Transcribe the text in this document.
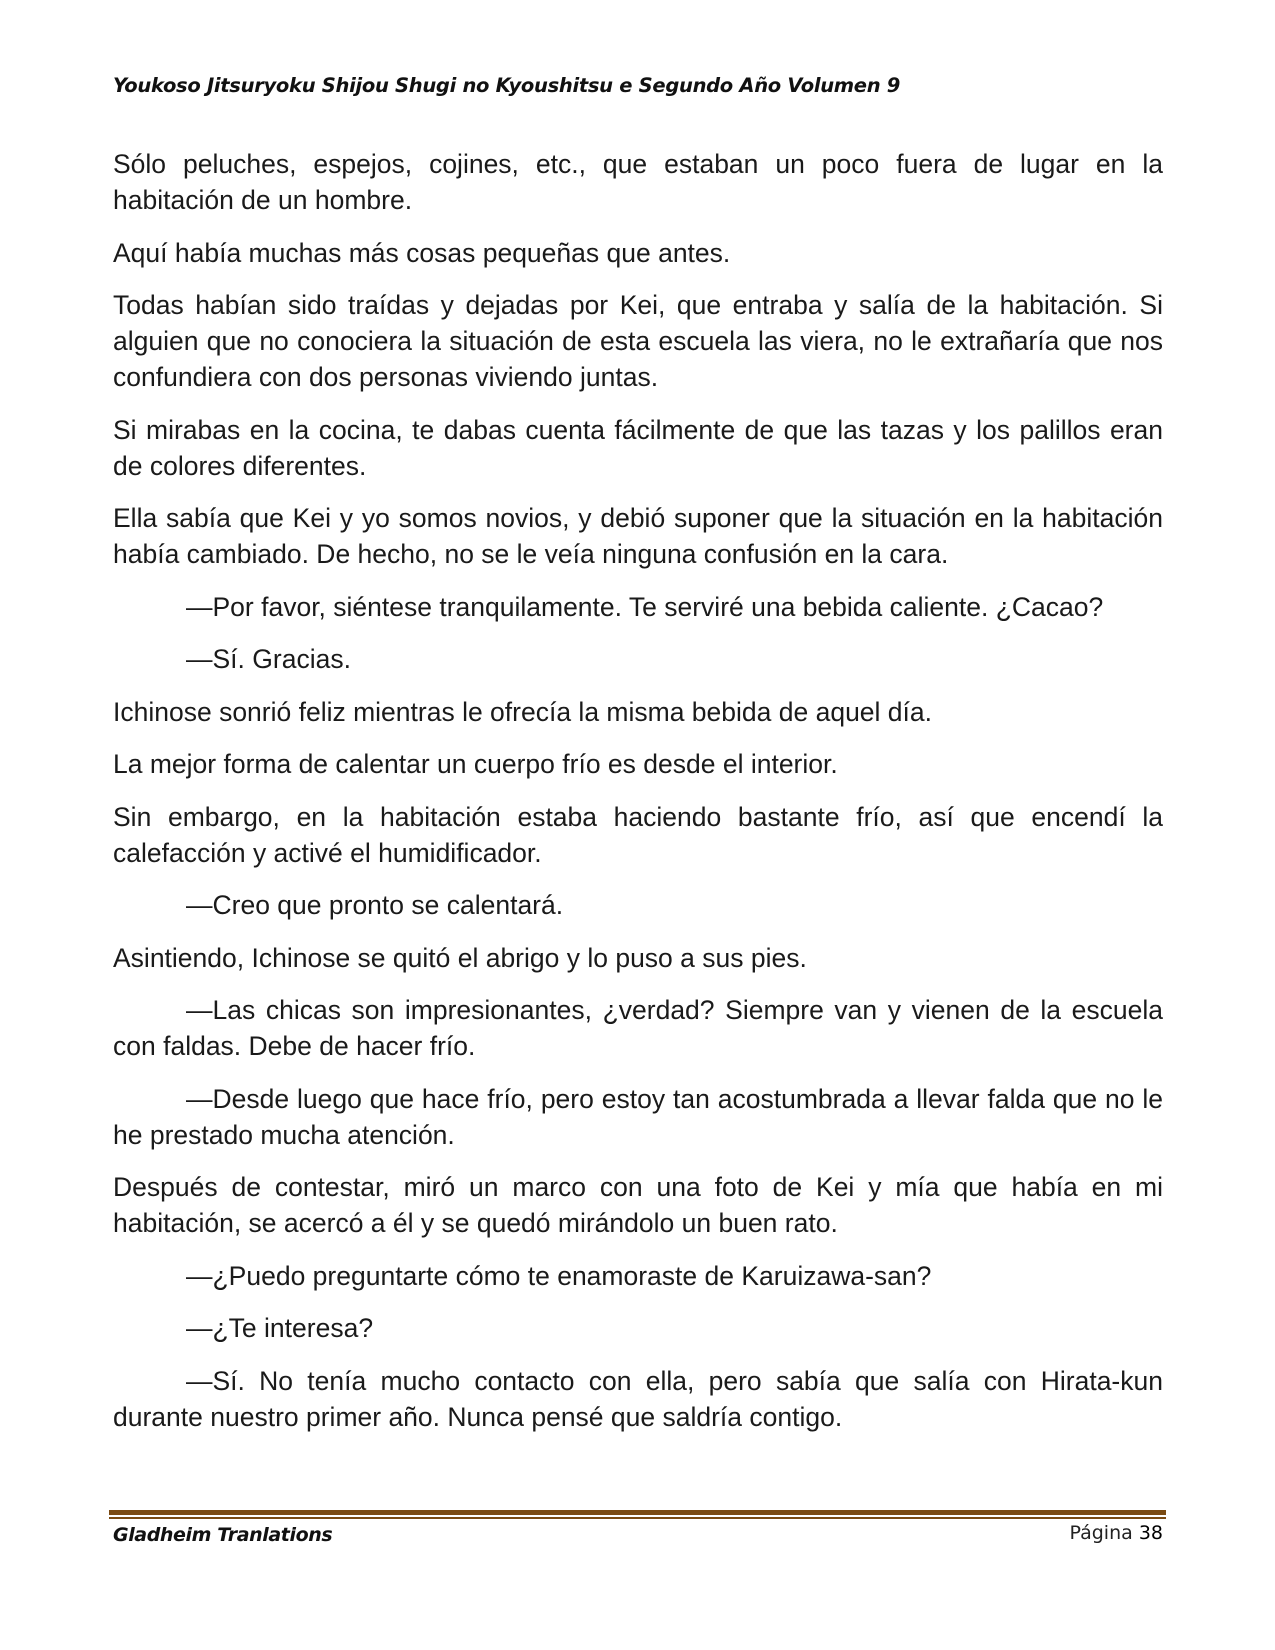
Youkoso Jitsuryoku Shijou Shugi no Kyoushitsu e Segundo Año Volumen 9

Sólo peluches, espejos, cojines, etc., que estaban un poco fuera de lugar en la habitación de un hombre.

Aquí había muchas más cosas pequeñas que antes.

Todas habían sido traídas y dejadas por Kei, que entraba y salía de la habitación. Si alguien que no conociera la situación de esta escuela las viera, no le extrañaría que nos confundiera con dos personas viviendo juntas.

Si mirabas en la cocina, te dabas cuenta fácilmente de que las tazas y los palillos eran de colores diferentes.

Ella sabía que Kei y yo somos novios, y debió suponer que la situación en la habitación había cambiado. De hecho, no se le veía ninguna confusión en la cara.

—Por favor, siéntese tranquilamente. Te serviré una bebida caliente. ¿Cacao?

—Sí. Gracias.

Ichinose sonrió feliz mientras le ofrecía la misma bebida de aquel día.

La mejor forma de calentar un cuerpo frío es desde el interior.

Sin embargo, en la habitación estaba haciendo bastante frío, así que encendí la calefacción y activé el humidificador.

—Creo que pronto se calentará.

Asintiendo, Ichinose se quitó el abrigo y lo puso a sus pies.

—Las chicas son impresionantes, ¿verdad? Siempre van y vienen de la escuela con faldas. Debe de hacer frío.

—Desde luego que hace frío, pero estoy tan acostumbrada a llevar falda que no le he prestado mucha atención.

Después de contestar, miró un marco con una foto de Kei y mía que había en mi habitación, se acercó a él y se quedó mirándolo un buen rato.

—¿Puedo preguntarte cómo te enamoraste de Karuizawa-san?

—¿Te interesa?

—Sí. No tenía mucho contacto con ella, pero sabía que salía con Hirata-kun durante nuestro primer año. Nunca pensé que saldría contigo.

Gladheim Tranlations	Página 38
